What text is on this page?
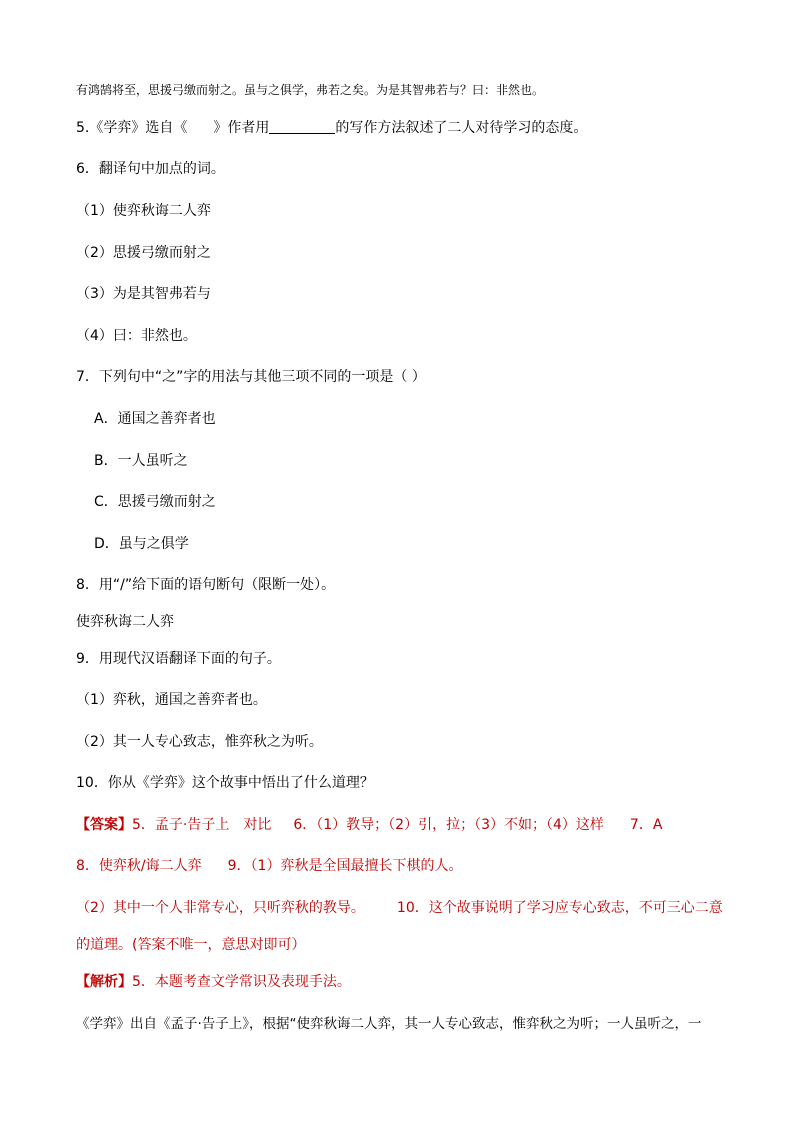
有鸿鹄将至，思援弓缴而射之。虽与之俱学，弗若之矣。为是其智弗若与？曰：非然也。
5.《学弈》选自《 》作者用	的写作方法叙述了二人对待学习的态度。
6．翻译句中加点的词。
（1）使弈秋诲二人弈
（2）思援弓缴而射之
（3）为是其智弗若与
（4）曰：非然也。
7．下列句中“之”字的用法与其他三项不同的一项是（ ）
A．通国之善弈者也
B．一人虽听之
C．思援弓缴而射之
D．虽与之俱学
8．用“/”给下面的语句断句（限断一处）。
使弈秋诲二人弈
9．用现代汉语翻译下面的句子。
（1）弈秋，通国之善弈者也。
（2）其一人专心致志，惟弈秋之为听。
10．你从《学弈》这个故事中悟出了什么道理？
【答案】5．孟子·告子上　对比 6．（1）教导；（2）引，拉；（3）不如；（4）这样 7．A
8．使弈秋/诲二人弈 9．（1）弈秋是全国最擅长下棋的人。
（2）其中一个人非常专心，只听弈秋的教导。 10．这个故事说明了学习应专心致志，不可三心二意
的道理。(答案不唯一，意思对即可）
【解析】5．本题考查文学常识及表现手法。
《学弈》出自《孟子·告子上》，根据“使弈秋诲二人弈，其一人专心致志，惟弈秋之为听；一人虽听之，一
